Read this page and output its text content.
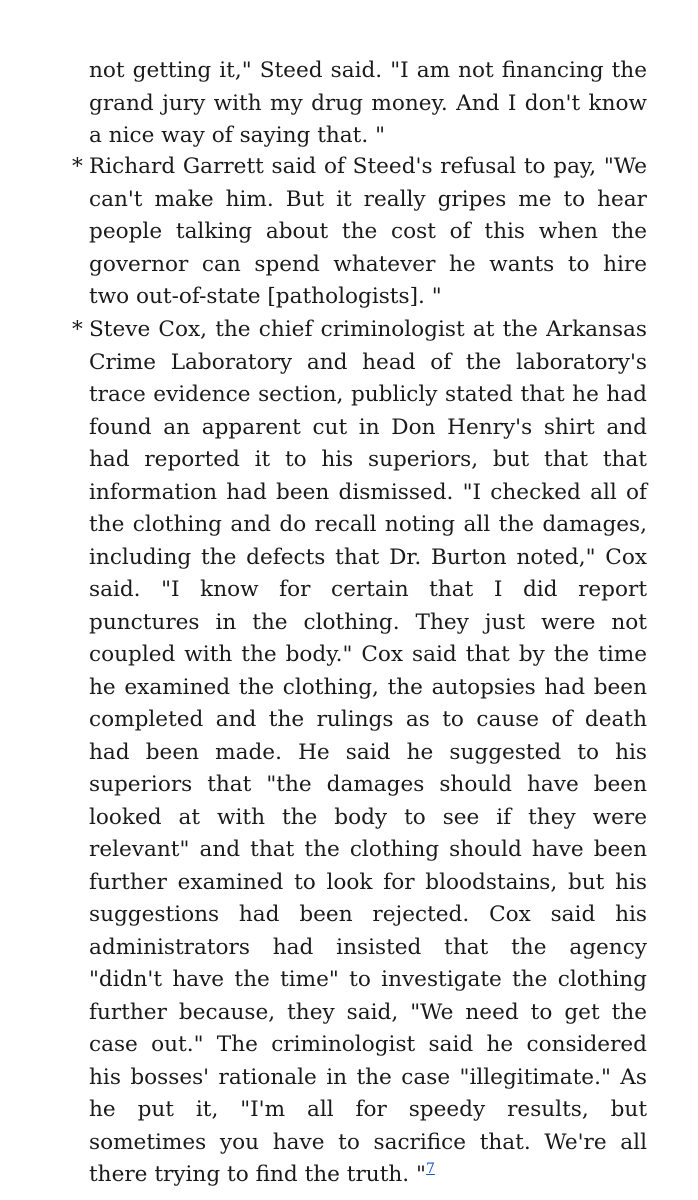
not getting it," Steed said. "I am not financing the grand jury with my drug money. And I don't know a nice way of saying that. "

* Richard Garrett said of Steed's refusal to pay, "We can't make him. But it really gripes me to hear people talking about the cost of this when the governor can spend whatever he wants to hire two out-of-state [pathologists]. "

* Steve Cox, the chief criminologist at the Arkansas Crime Laboratory and head of the laboratory's trace evidence section, publicly stated that he had found an apparent cut in Don Henry's shirt and had reported it to his superiors, but that that information had been dismissed. "I checked all of the clothing and do recall noting all the damages, including the defects that Dr. Burton noted," Cox said. "I know for certain that I did report punctures in the clothing. They just were not coupled with the body." Cox said that by the time he examined the clothing, the autopsies had been completed and the rulings as to cause of death had been made. He said he suggested to his superiors that "the damages should have been looked at with the body to see if they were relevant" and that the clothing should have been further examined to look for bloodstains, but his suggestions had been rejected. Cox said his administrators had insisted that the agency "didn't have the time" to investigate the clothing further because, they said, "We need to get the case out." The criminologist said he considered his bosses' rationale in the case "illegitimate." As he put it, "I'm all for speedy results, but sometimes you have to sacrifice that. We're all there trying to find the truth. "$^7$
